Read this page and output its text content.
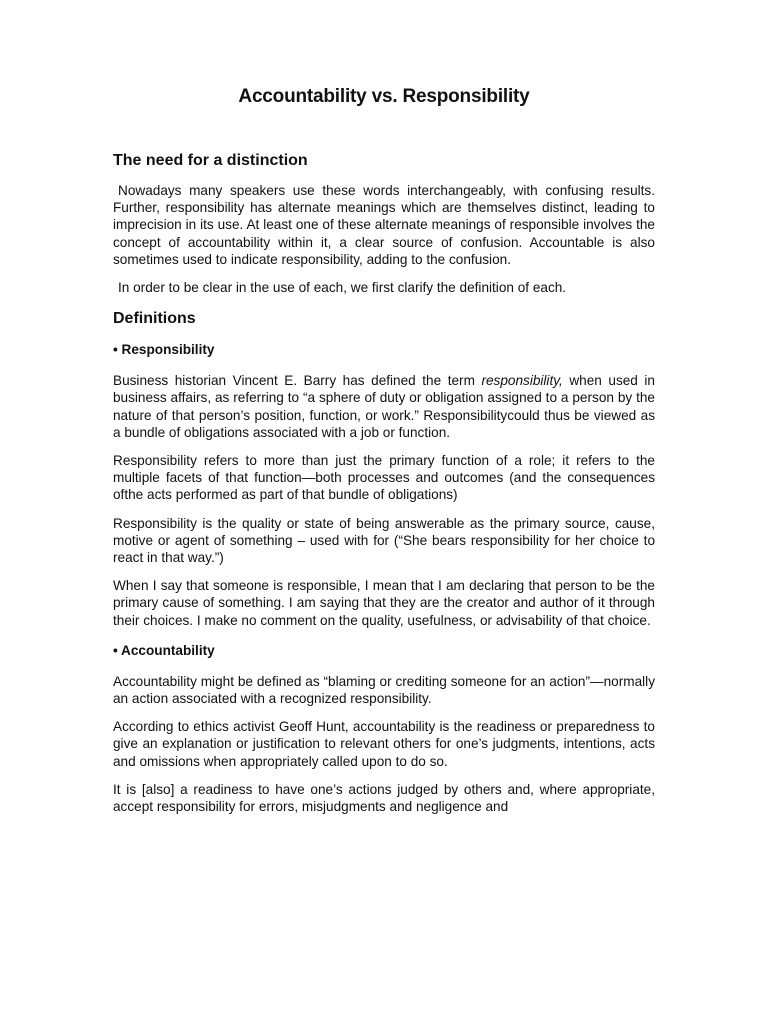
Accountability vs. Responsibility
The need for a distinction
Nowadays many speakers use these words interchangeably, with confusing results. Further, responsibility has alternate meanings which are themselves distinct, leading to imprecision in its use. At least one of these alternate meanings of responsible involves the concept of accountability within it, a clear source of confusion. Accountable is also sometimes used to indicate responsibility, adding to the confusion.
In order to be clear in the use of each, we first clarify the definition of each.
Definitions
• Responsibility
Business historian Vincent E. Barry has defined the term responsibility, when used in business affairs, as referring to “a sphere of duty or obligation assigned to a person by the nature of that person’s position, function, or work.” Responsibilitycould thus be viewed as a bundle of obligations associated with a job or function.
Responsibility refers to more than just the primary function of a role; it refers to the multiple facets of that function—both processes and outcomes (and the consequences ofthe acts performed as part of that bundle of obligations)
Responsibility is the quality or state of being answerable as the primary source, cause, motive or agent of something – used with for (“She bears responsibility for her choice to react in that way.”)
When I say that someone is responsible, I mean that I am declaring that person to be the primary cause of something. I am saying that they are the creator and author of it through their choices. I make no comment on the quality, usefulness, or advisability of that choice.
• Accountability
Accountability might be defined as “blaming or crediting someone for an action”—normally an action associated with a recognized responsibility.
According to ethics activist Geoff Hunt, accountability is the readiness or preparedness to give an explanation or justification to relevant others for one’s judgments, intentions, acts and omissions when appropriately called upon to do so.
It is [also] a readiness to have one’s actions judged by others and, where appropriate, accept responsibility for errors, misjudgments and negligence and
